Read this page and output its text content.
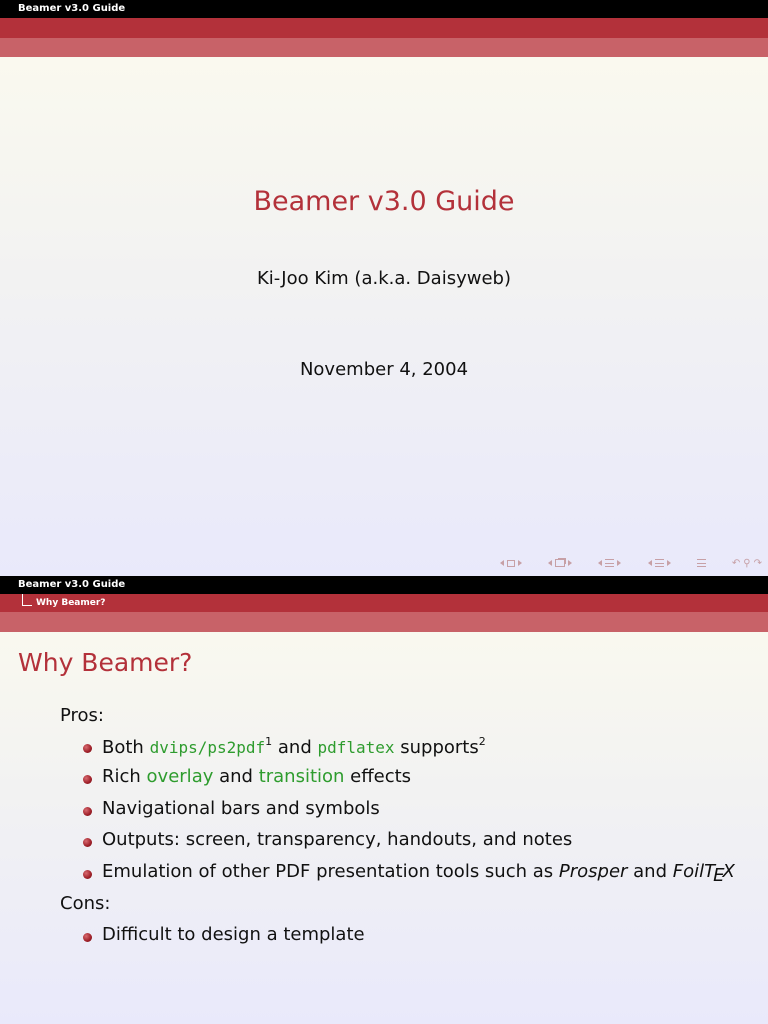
Beamer v3.0 Guide
Beamer v3.0 Guide
Ki-Joo Kim (a.k.a. Daisyweb)
November 4, 2004
↶ ⚲ ↷
Beamer v3.0 Guide
Why Beamer?
Why Beamer?
Pros:
Both dvips/ps2pdf$^1$ and pdflatex supports$^2$
Rich overlay and transition effects
Navigational bars and symbols
Outputs: screen, transparency, handouts, and notes
Emulation of other PDF presentation tools such as Prosper and FoilTEX
Cons:
Difficult to design a template
